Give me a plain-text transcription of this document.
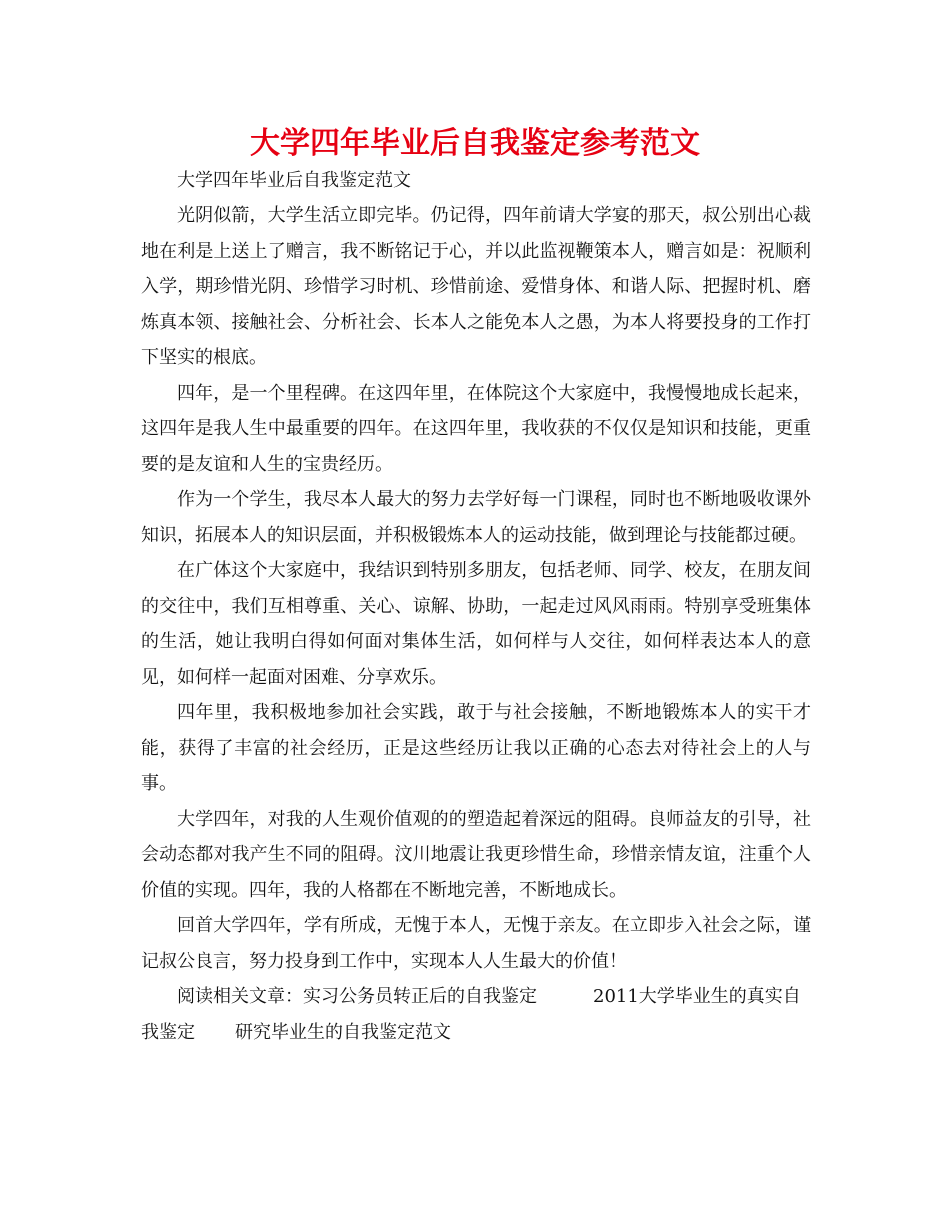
大学四年毕业后自我鉴定参考范文

大学四年毕业后自我鉴定范文

光阴似箭，大学生活立即完毕。仍记得，四年前请大学宴的那天，叔公别出心裁地在利是上送上了赠言，我不断铭记于心，并以此监视鞭策本人，赠言如是：祝顺利入学，期珍惜光阴、珍惜学习时机、珍惜前途、爱惜身体、和谐人际、把握时机、磨炼真本领、接触社会、分析社会、长本人之能免本人之愚，为本人将要投身的工作打下坚实的根底。

四年，是一个里程碑。在这四年里，在体院这个大家庭中，我慢慢地成长起来，这四年是我人生中最重要的四年。在这四年里，我收获的不仅仅是知识和技能，更重要的是友谊和人生的宝贵经历。

作为一个学生，我尽本人最大的努力去学好每一门课程，同时也不断地吸收课外知识，拓展本人的知识层面，并积极锻炼本人的运动技能，做到理论与技能都过硬。

在广体这个大家庭中，我结识到特别多朋友，包括老师、同学、校友，在朋友间的交往中，我们互相尊重、关心、谅解、协助，一起走过风风雨雨。特别享受班集体的生活，她让我明白得如何面对集体生活，如何样与人交往，如何样表达本人的意见，如何样一起面对困难、分享欢乐。

四年里，我积极地参加社会实践，敢于与社会接触，不断地锻炼本人的实干才能，获得了丰富的社会经历，正是这些经历让我以正确的心态去对待社会上的人与事。

大学四年，对我的人生观价值观的的塑造起着深远的阻碍。良师益友的引导，社会动态都对我产生不同的阻碍。汶川地震让我更珍惜生命，珍惜亲情友谊，注重个人价值的实现。四年，我的人格都在不断地完善，不断地成长。

回首大学四年，学有所成，无愧于本人，无愧于亲友。在立即步入社会之际，谨记叔公良言，努力投身到工作中，实现本人人生最大的价值！

阅读相关文章：实习公务员转正后的自我鉴定	2011大学毕业生的真实自我鉴定 研究毕业生的自我鉴定范文
